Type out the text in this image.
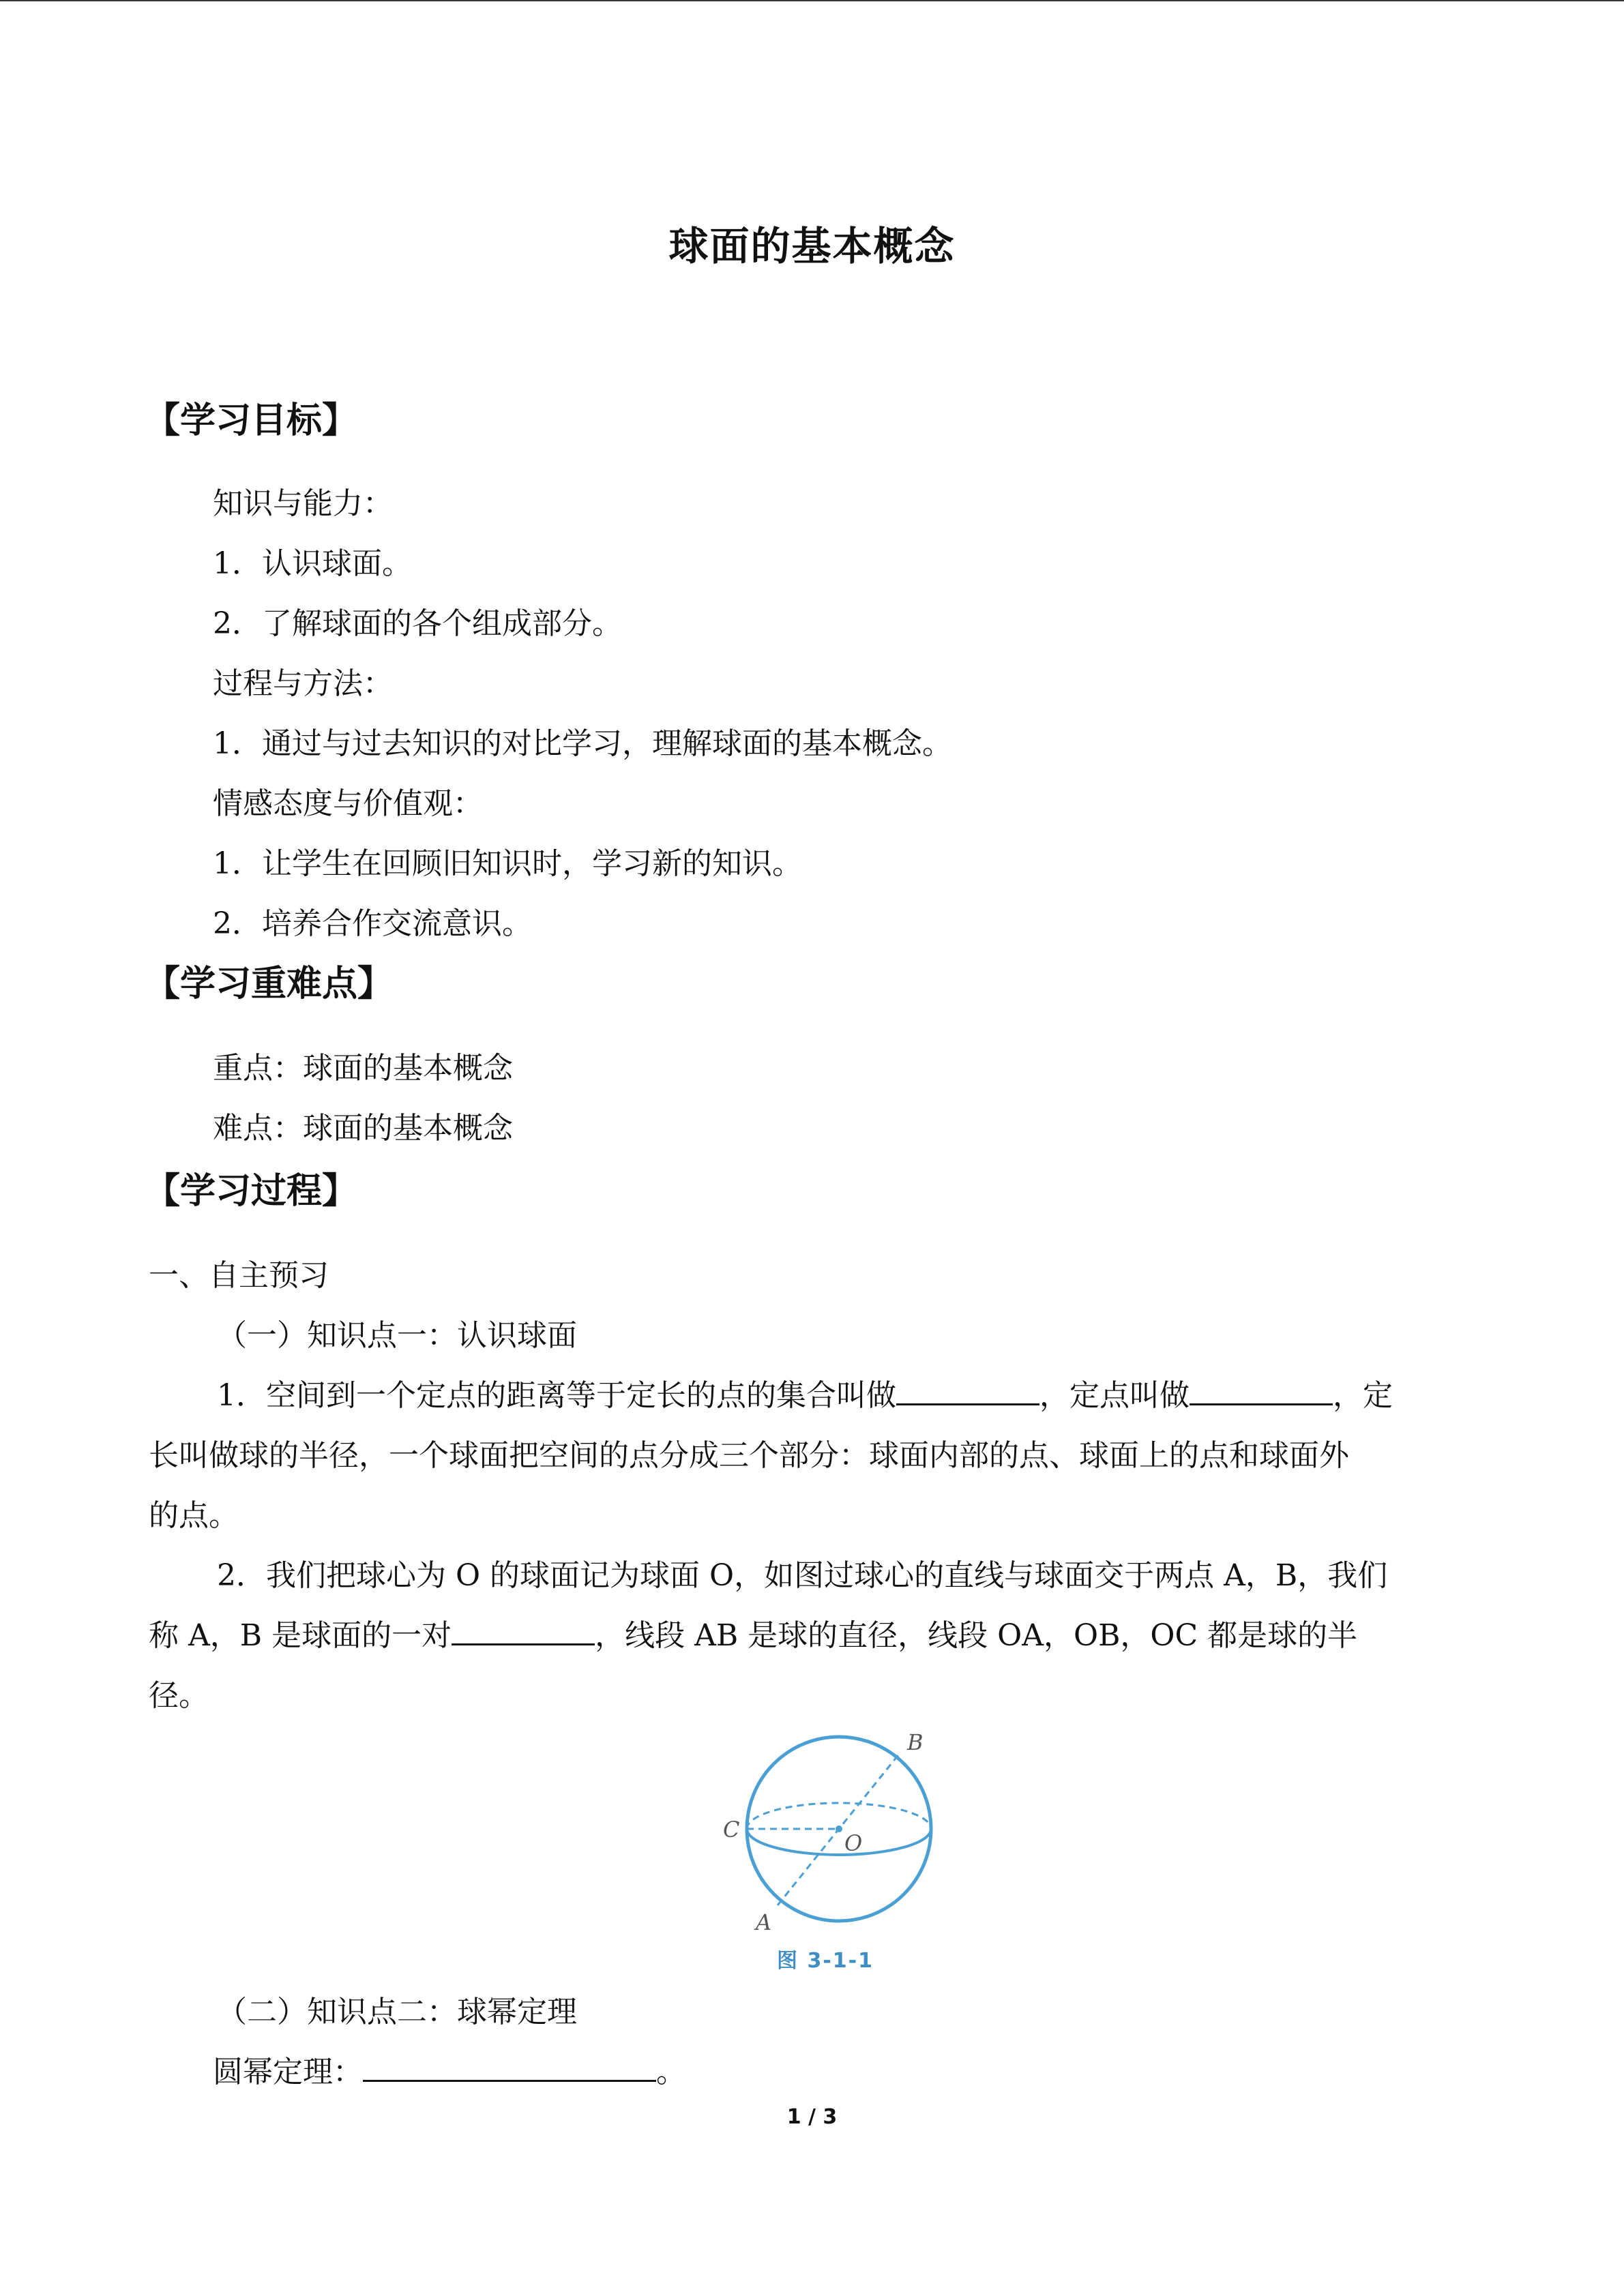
球面的基本概念
【学习目标】
知识与能力：
1．认识球面。
2．了解球面的各个组成部分。
过程与方法：
1．通过与过去知识的对比学习，理解球面的基本概念。
情感态度与价值观：
1．让学生在回顾旧知识时，学习新的知识。
2．培养合作交流意识。
【学习重难点】
重点：球面的基本概念
难点：球面的基本概念
【学习过程】
一、自主预习
（一）知识点一：认识球面
1．空间到一个定点的距离等于定长的点的集合叫做	，定点叫做	，定
长叫做球的半径，一个球面把空间的点分成三个部分：球面内部的点、球面上的点和球面外
的点。
2．我们把球心为 O 的球面记为球面 O，如图过球心的直线与球面交于两点 A，B，我们
称 A，B 是球面的一对	，线段 AB 是球的直径，线段 OA，OB，OC 都是球的半
径。
B
C
O
A
图 3-1-1
（二）知识点二：球幂定理
圆幂定理：	。
1 / 3
